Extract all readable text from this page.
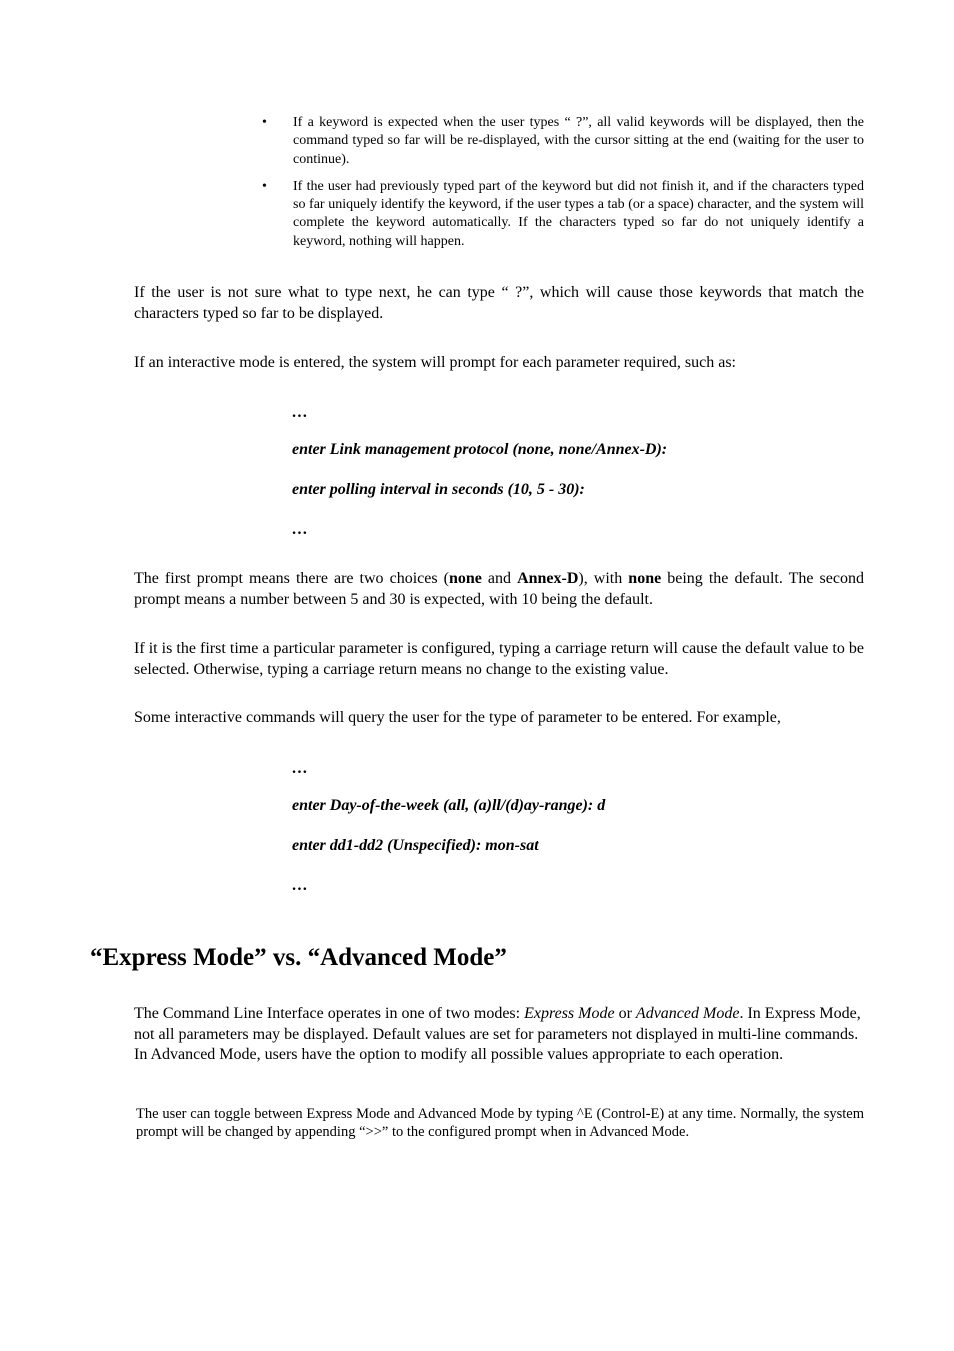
• If a keyword is expected when the user types “ ?”, all valid keywords will be displayed, then the command typed so far will be re-displayed, with the cursor sitting at the end (waiting for the user to continue).
• If the user had previously typed part of the keyword but did not finish it, and if the characters typed so far uniquely identify the keyword, if the user types a tab (or a space) character, and the system will complete the keyword automatically. If the characters typed so far do not uniquely identify a keyword, nothing will happen.

If the user is not sure what to type next, he can type “ ?”, which will cause those keywords that match the characters typed so far to be displayed.

If an interactive mode is entered, the system will prompt for each parameter required, such as:

…
enter Link management protocol (none, none/Annex-D):
enter polling interval in seconds (10, 5 - 30):
…

The first prompt means there are two choices (none and Annex-D), with none being the default. The second prompt means a number between 5 and 30 is expected, with 10 being the default.

If it is the first time a particular parameter is configured, typing a carriage return will cause the default value to be selected. Otherwise, typing a carriage return means no change to the existing value.

Some interactive commands will query the user for the type of parameter to be entered. For example,

…
enter Day-of-the-week (all, (a)ll/(d)ay-range): d
enter dd1-dd2 (Unspecified): mon-sat
…
“Express Mode” vs. “Advanced Mode”

The Command Line Interface operates in one of two modes: Express Mode or Advanced Mode. In Express Mode, not all parameters may be displayed. Default values are set for parameters not displayed in multi-line commands. In Advanced Mode, users have the option to modify all possible values appropriate to each operation.

The user can toggle between Express Mode and Advanced Mode by typing ^E (Control-E) at any time. Normally, the system prompt will be changed by appending “>>” to the configured prompt when in Advanced Mode.
